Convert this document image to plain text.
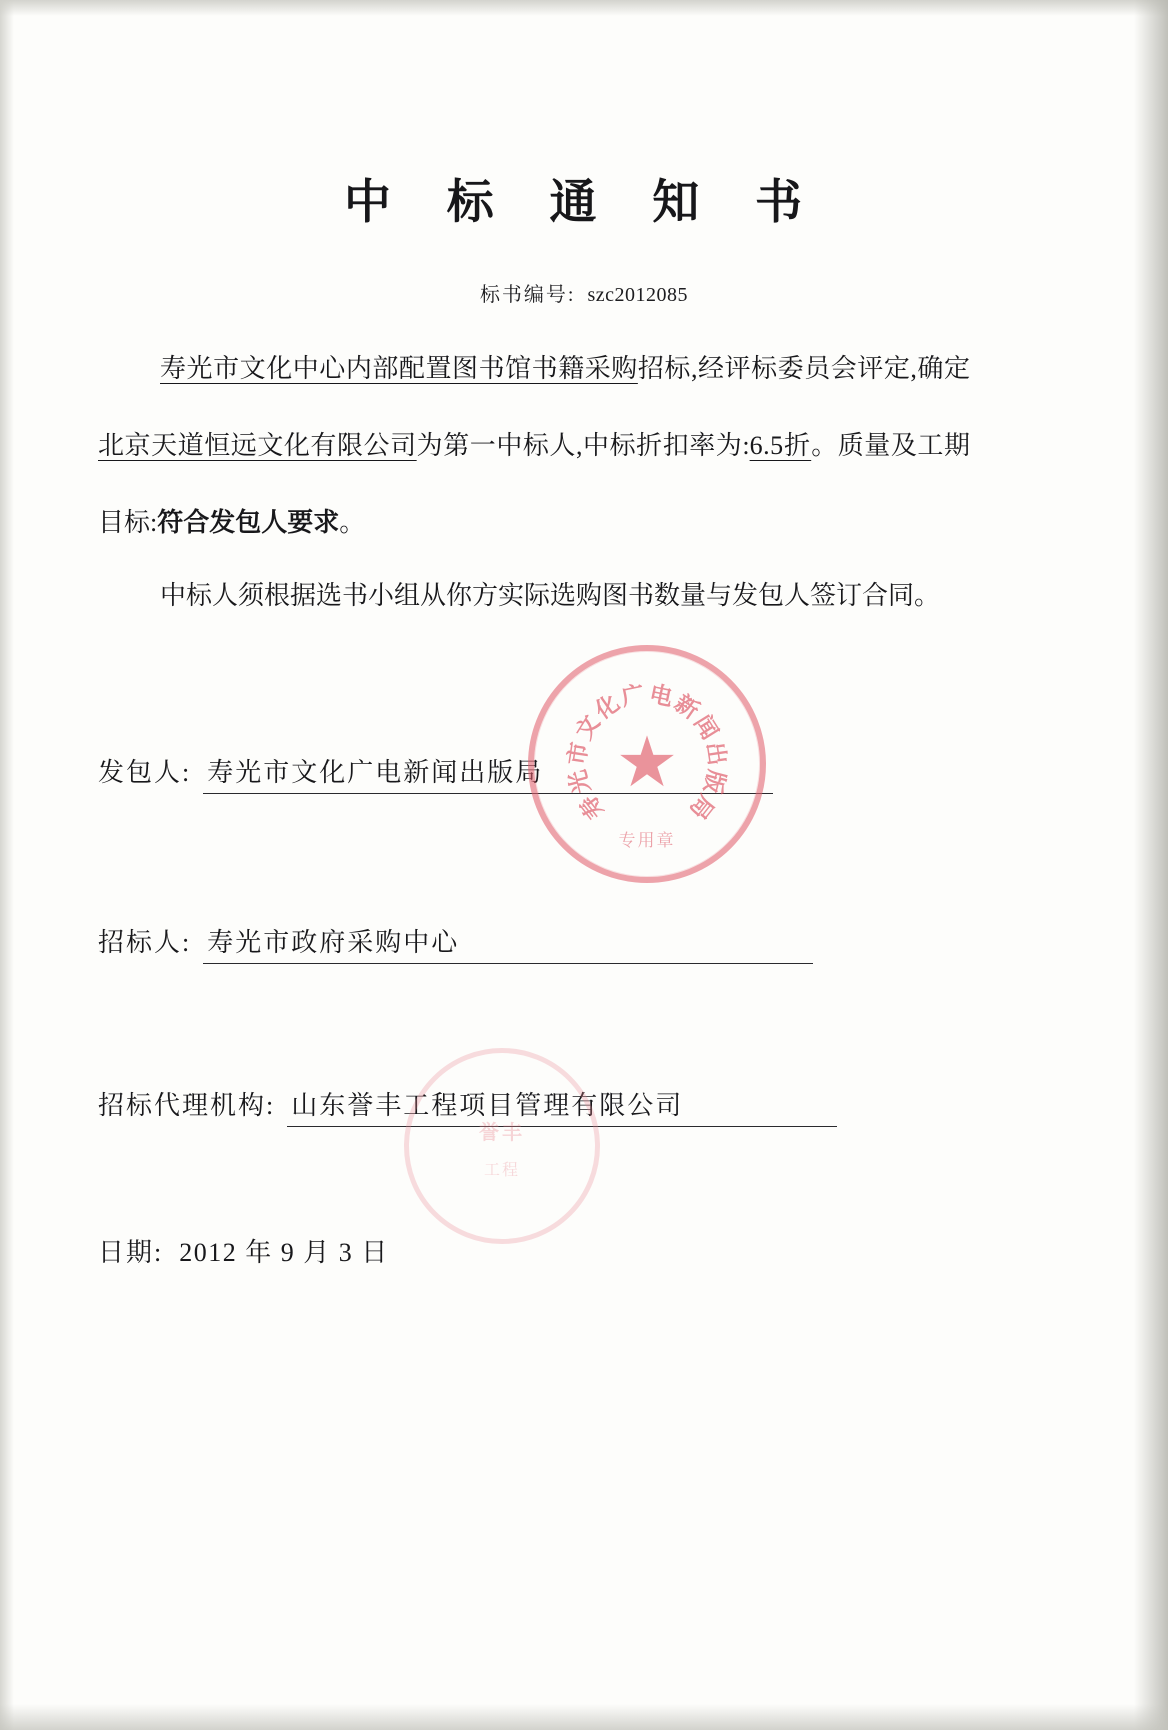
中 标 通 知 书
标书编号: szc2012085

寿光市文化中心内部配置图书馆书籍采购招标,经评标委员会评定,确定北京天道恒远文化有限公司为第一中标人,中标折扣率为:6.5折。质量及工期目标:符合发包人要求。

中标人须根据选书小组从你方实际选购图书数量与发包人签订合同。
发包人: 寿光市文化广电新闻出版局
招标人: 寿光市政府采购中心
招标代理机构: 山东誉丰工程项目管理有限公司
日期: 2012 年 9 月 3 日
寿
光
市
文
化
广 电
新
闻
出
版
局
★
专用章
誉丰
工程
